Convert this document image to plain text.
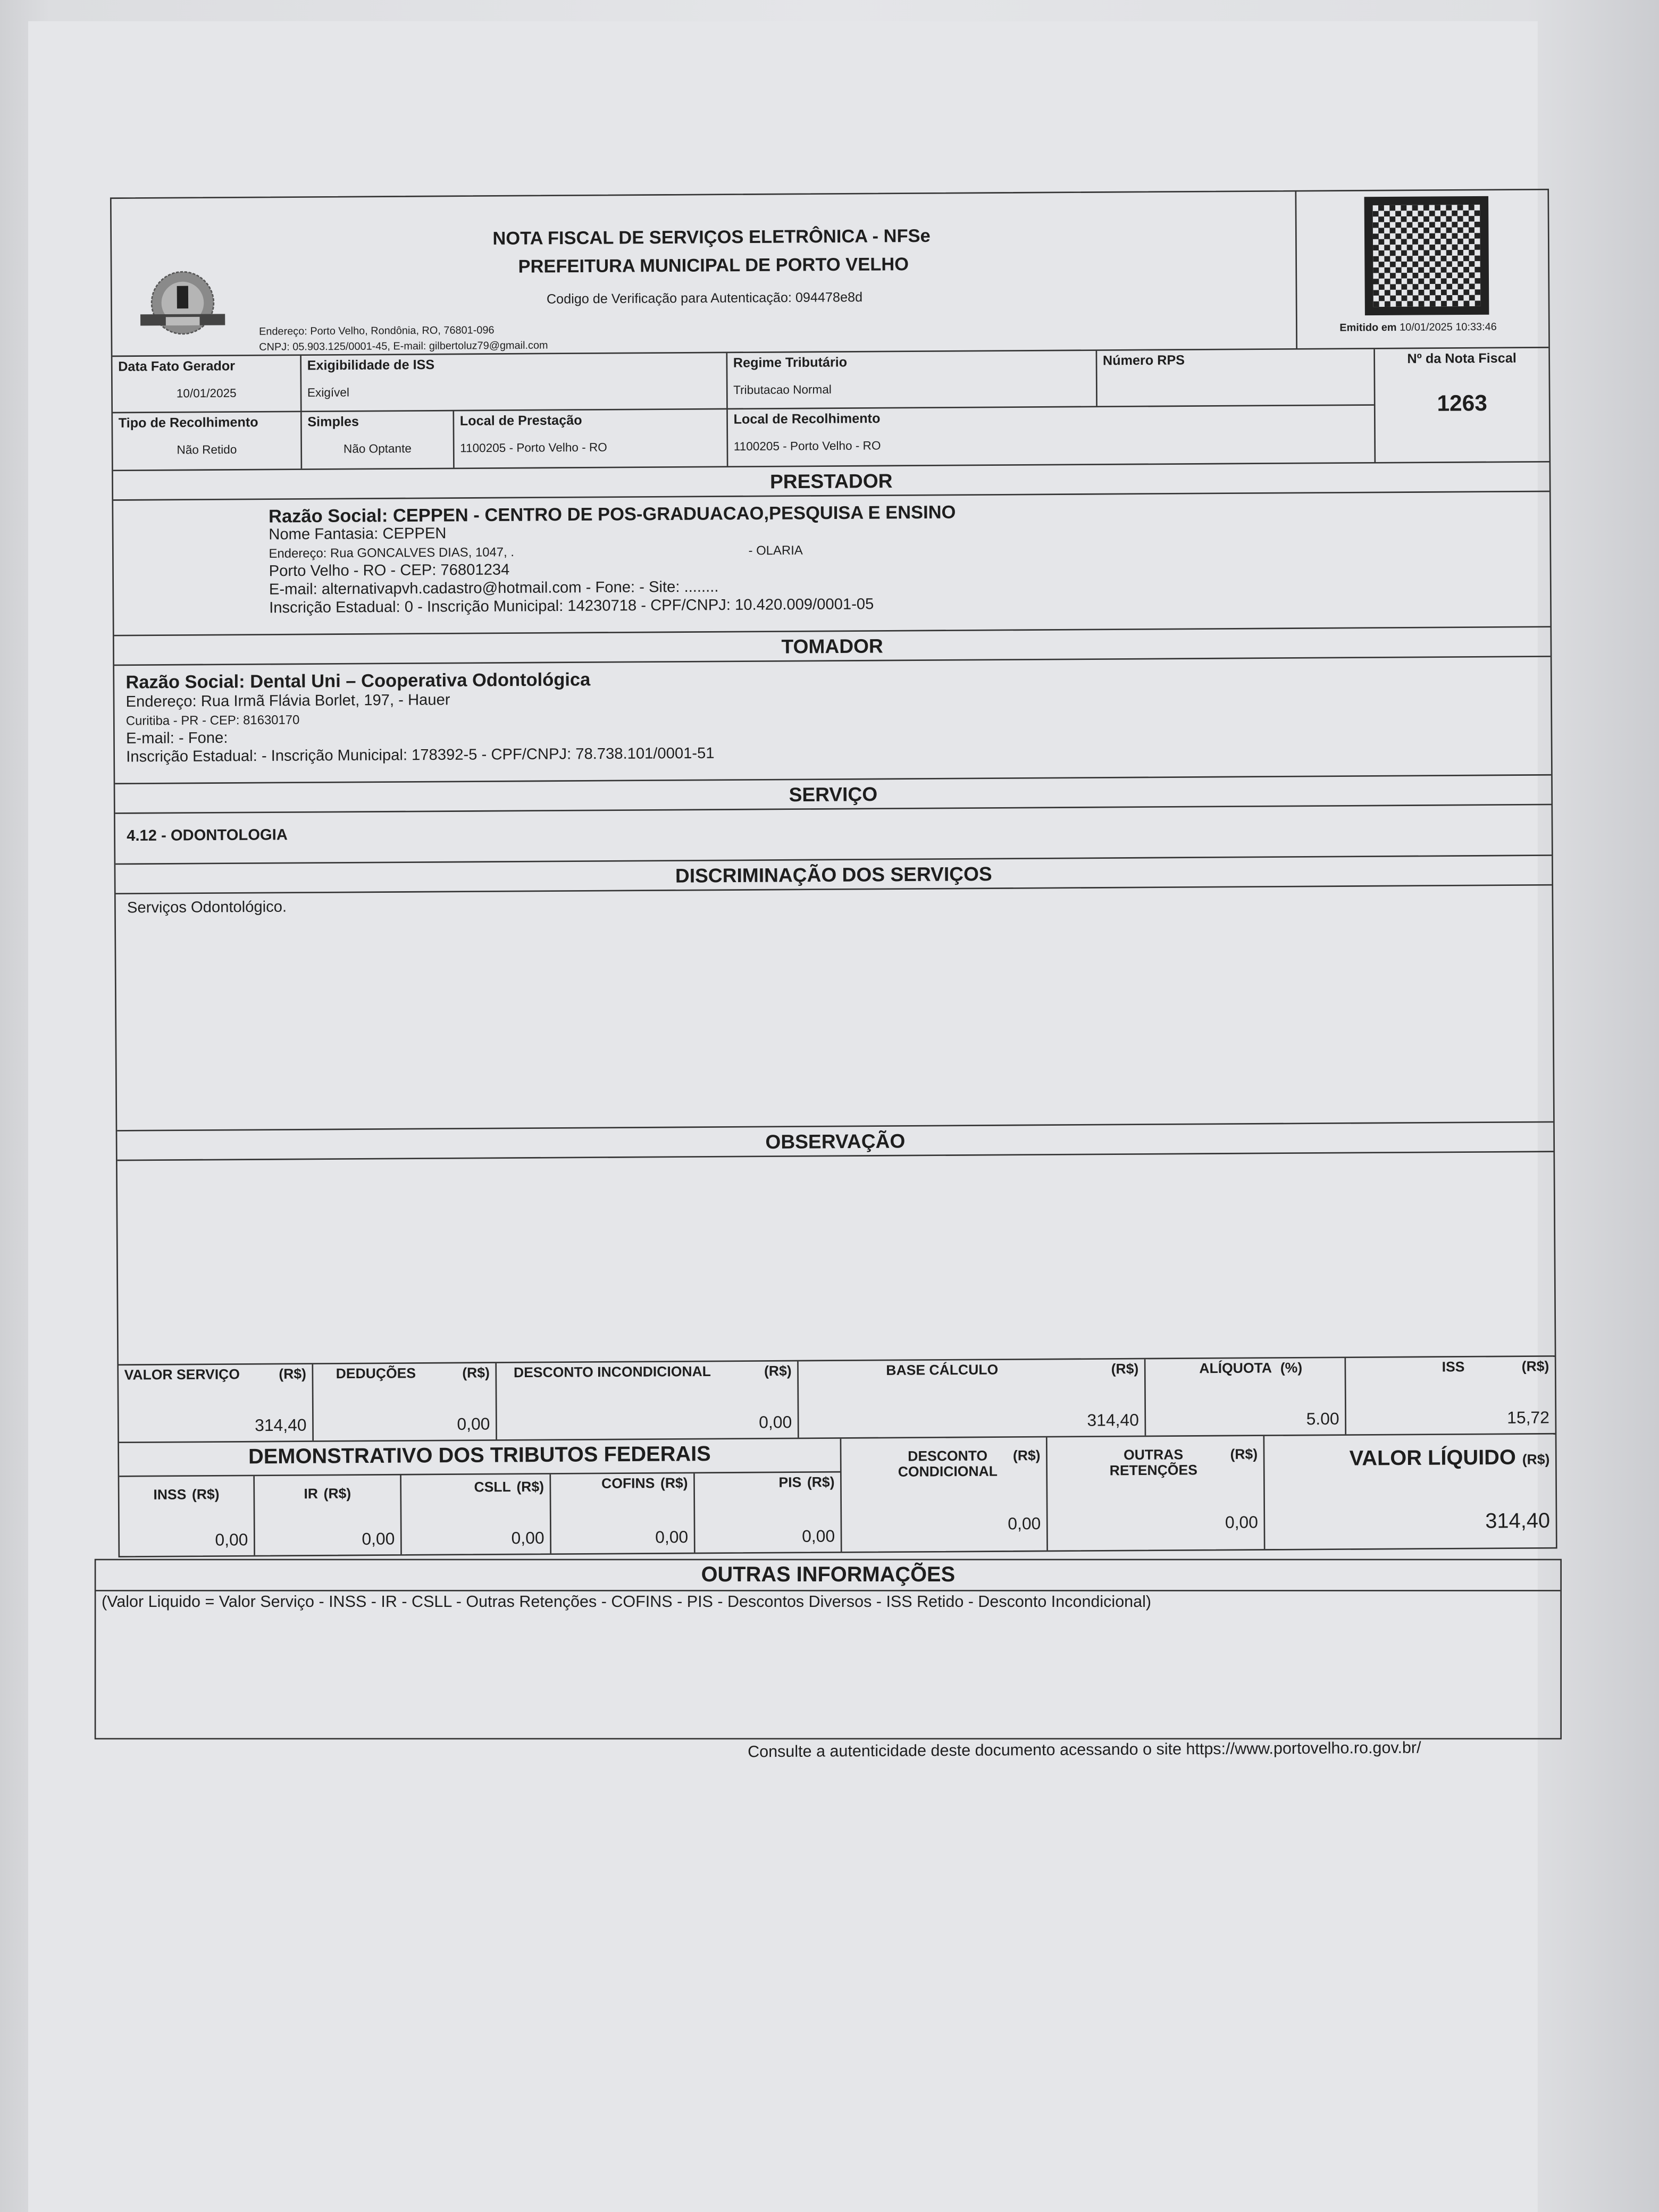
NOTA FISCAL DE SERVIÇOS ELETRÔNICA - NFSe
PREFEITURA MUNICIPAL DE PORTO VELHO
Codigo de Verificação para Autenticação: 094478e8d
Endereço: Porto Velho, Rondônia, RO, 76801-096
CNPJ: 05.903.125/0001-45, E-mail: gilbertoluz79@gmail.com
Emitido em 10/01/2025 10:33:46
Data Fato Gerador
10/01/2025
Exigibilidade de ISS
Exigível
Regime Tributário
Tributacao Normal
Número RPS
Tipo de Recolhimento
Não Retido
Simples
Não Optante
Local de Prestação
1100205 - Porto Velho - RO
Local de Recolhimento
1100205 - Porto Velho - RO
Nº da Nota Fiscal
1263
PRESTADOR
Razão Social: CEPPEN - CENTRO DE POS-GRADUACAO,PESQUISA E ENSINO
Nome Fantasia: CEPPEN
Endereço: Rua GONCALVES DIAS, 1047, .	- OLARIA
Porto Velho - RO - CEP: 76801234
E-mail: alternativapvh.cadastro@hotmail.com - Fone: - Site: ........
Inscrição Estadual: 0 - Inscrição Municipal: 14230718 - CPF/CNPJ: 10.420.009/0001-05
TOMADOR
Razão Social: Dental Uni – Cooperativa Odontológica
Endereço: Rua Irmã Flávia Borlet, 197, - Hauer
Curitiba - PR - CEP: 81630170
E-mail: - Fone:
Inscrição Estadual: - Inscrição Municipal: 178392-5 - CPF/CNPJ: 78.738.101/0001-51
SERVIÇO
4.12 - ODONTOLOGIA
DISCRIMINAÇÃO DOS SERVIÇOS
Serviços Odontológico.
OBSERVAÇÃO
VALOR SERVIÇO	(R$)
314,40
DEDUÇÕES	(R$)
0,00
DESCONTO INCONDICIONAL	(R$)
0,00
BASE CÁLCULO	(R$)
314,40
ALÍQUOTA (%)
5.00
ISS	(R$)
15,72
DEMONSTRATIVO DOS TRIBUTOS FEDERAIS
INSS (R$)
0,00
IR (R$)
0,00
CSLL (R$)
0,00
COFINS (R$)
0,00
PIS (R$)
0,00
DESCONTO
CONDICIONAL
(R$)
0,00
OUTRAS
RETENÇÕES
(R$)
0,00
VALOR LÍQUIDO (R$)
314,40
OUTRAS INFORMAÇÕES
(Valor Liquido = Valor Serviço - INSS - IR - CSLL - Outras Retenções - COFINS - PIS - Descontos Diversos - ISS Retido - Desconto Incondicional)
Consulte a autenticidade deste documento acessando o site https://www.portovelho.ro.gov.br/
